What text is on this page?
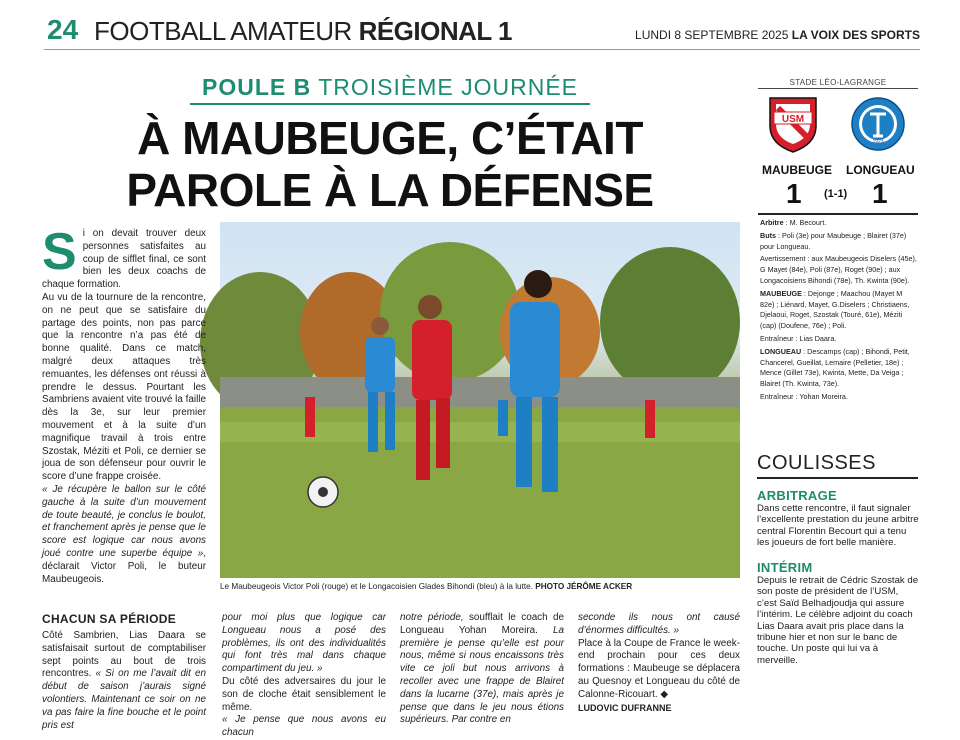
24 FOOTBALL AMATEUR RÉGIONAL 1	LUNDI 8 SEPTEMBRE 2025 LA VOIX DES SPORTS
POULE B TROISIÈME JOURNÉE
À MAUBEUGE, C’ÉTAIT
PAROLE À LA DÉFENSE
STADE LÉO-LAGRANGE
USM
1923
MAUBEUGE LONGUEAU
1 (1-1) 1

Arbitre : M. Becourt.

Buts : Poli (3e) pour Maubeuge ; Blairet (37e) pour Longueau.

Avertissement : aux Maubeugeois Diselers (45e), G Mayet (84e), Poli (87e), Roget (90e) ; aux Longacoisiens Bihondi (78e), Th. Kwinta (90e).

MAUBEUGE : Dejonge ; Maachou (Mayet M 82e) ; Liénard, Mayet, G.Diselers ; Christiaens, Djelaoui, Roget, Szostak (Touré, 61e), Méziti (cap) (Doufene, 76e) ; Poli.

Entraîneur : Lias Daara.

LONGUEAU : Descamps (cap) ; Bihondi, Petit, Chancerel, Gueillat, Lemaire (Pelletier, 18e) ; Mence (Gillet 73e), Kwinta, Mette, Da Veiga ; Blairet (Th. Kwinta, 73e).

Entraîneur : Yohan Moreira.

COULISSES
ARBITRAGE
Dans cette rencontre, il faut signaler l’excellente prestation du jeune arbitre central Florentin Becourt qui a tenu les joueurs de fort belle manière.
INTÉRIM
Depuis le retrait de Cédric Szostak de son poste de président de l’USM, c’est Saïd Belhadjoudja qui assure l’intérim. Le célèbre adjoint du coach Lias Daara avait pris place dans la tribune hier et non sur le banc de touche. Un poste qui lui va à merveille.
Le Maubeugeois Victor Poli (rouge) et le Longacoisien Glades Bihondi (bleu) à la lutte. PHOTO JÉRÔME ACKER
S i on devait trouver deux personnes satisfaites au coup de sifflet final, ce sont bien les deux coachs de chaque formation.
Au vu de la tournure de la rencontre, on ne peut que se satisfaire du partage des points, non pas parce que la rencontre n’a pas été de bonne qualité. Dans ce match, malgré deux attaques très remuantes, les défenses ont réussi à prendre le dessus. Pourtant les Sambriens avaient vite trouvé la faille dès la 3e, sur leur premier mouvement et à la suite d’un magnifique travail à trois entre Szostak, Méziti et Poli, ce dernier se joua de son défenseur pour ouvrir le score d’une frappe croisée.
« Je récupère le ballon sur le côté gauche à la suite d’un mouvement de toute beauté, je conclus le boulot, et franchement après je pense que le score est logique car nous avons joué contre une superbe équipe », déclarait Victor Poli, le buteur Maubeugeois.
CHACUN SA PÉRIODE
Côté Sambrien, Lias Daara se satisfaisait surtout de comptabiliser sept points au bout de trois rencontres. « Si on me l’avait dit en début de saison j’aurais signé volontiers. Maintenant ce soir on ne va pas faire la fine bouche et le point pris est
pour moi plus que logique car Longueau nous a posé des problèmes, ils ont des individualités qui font très mal dans chaque compartiment du jeu. »
Du côté des adversaires du jour le son de cloche était sensiblement le même.
« Je pense que nous avons eu chacun
notre période, soufflait le coach de Longueau Yohan Moreira. La première je pense qu’elle est pour nous, même si nous encaissons très vite ce joli but nous arrivons à recoller avec une frappe de Blairet dans la lucarne (37e), mais après je pense que dans le jeu nous étions supérieurs. Par contre en
seconde ils nous ont causé d’énormes difficultés. »
Place à la Coupe de France le week-end prochain pour ces deux formations : Maubeuge se déplacera au Quesnoy et Longueau du côté de Calonne-Ricouart. ◆
LUDOVIC DUFRANNE
